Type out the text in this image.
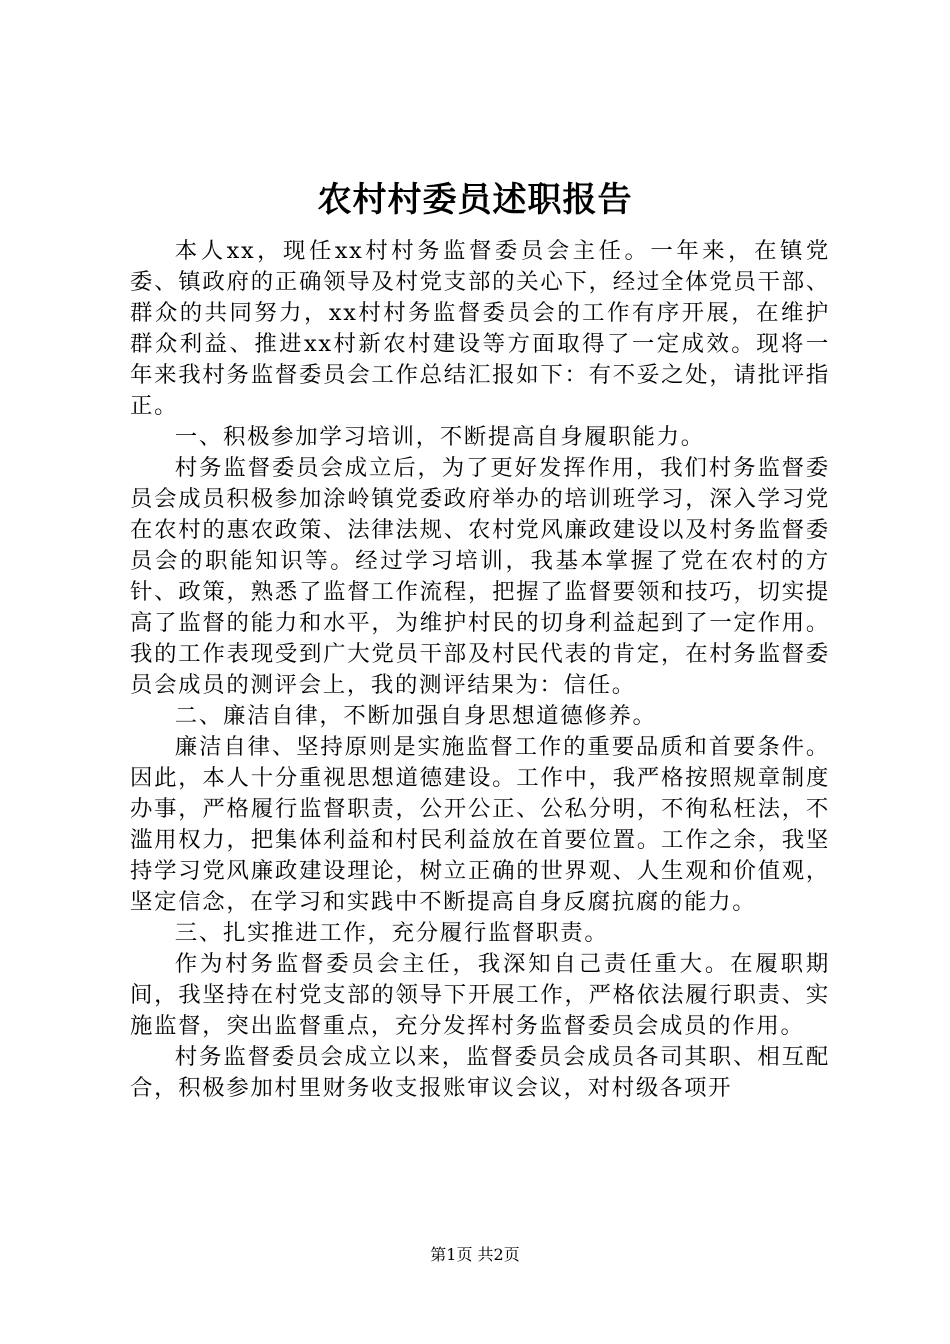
农村村委员述职报告

本人xx，现任xx村村务监督委员会主任。一年来，在镇党委、镇政府的正确领导及村党支部的关心下，经过全体党员干部、群众的共同努力，xx村村务监督委员会的工作有序开展，在维护群众利益、推进xx村新农村建设等方面取得了一定成效。现将一年来我村务监督委员会工作总结汇报如下：有不妥之处，请批评指正。

一、积极参加学习培训，不断提高自身履职能力。

村务监督委员会成立后，为了更好发挥作用，我们村务监督委员会成员积极参加涂岭镇党委政府举办的培训班学习，深入学习党在农村的惠农政策、法律法规、农村党风廉政建设以及村务监督委员会的职能知识等。经过学习培训，我基本掌握了党在农村的方针、政策，熟悉了监督工作流程，把握了监督要领和技巧，切实提高了监督的能力和水平，为维护村民的切身利益起到了一定作用。我的工作表现受到广大党员干部及村民代表的肯定，在村务监督委员会成员的测评会上，我的测评结果为：信任。

二、廉洁自律，不断加强自身思想道德修养。

廉洁自律、坚持原则是实施监督工作的重要品质和首要条件。因此，本人十分重视思想道德建设。工作中，我严格按照规章制度办事，严格履行监督职责，公开公正、公私分明，不徇私枉法，不滥用权力，把集体利益和村民利益放在首要位置。工作之余，我坚持学习党风廉政建设理论，树立正确的世界观、人生观和价值观，坚定信念，在学习和实践中不断提高自身反腐抗腐的能力。

三、扎实推进工作，充分履行监督职责。

作为村务监督委员会主任，我深知自己责任重大。在履职期间，我坚持在村党支部的领导下开展工作，严格依法履行职责、实施监督，突出监督重点，充分发挥村务监督委员会成员的作用。

村务监督委员会成立以来，监督委员会成员各司其职、相互配合，积极参加村里财务收支报账审议会议，对村级各项开

第1页 共2页
